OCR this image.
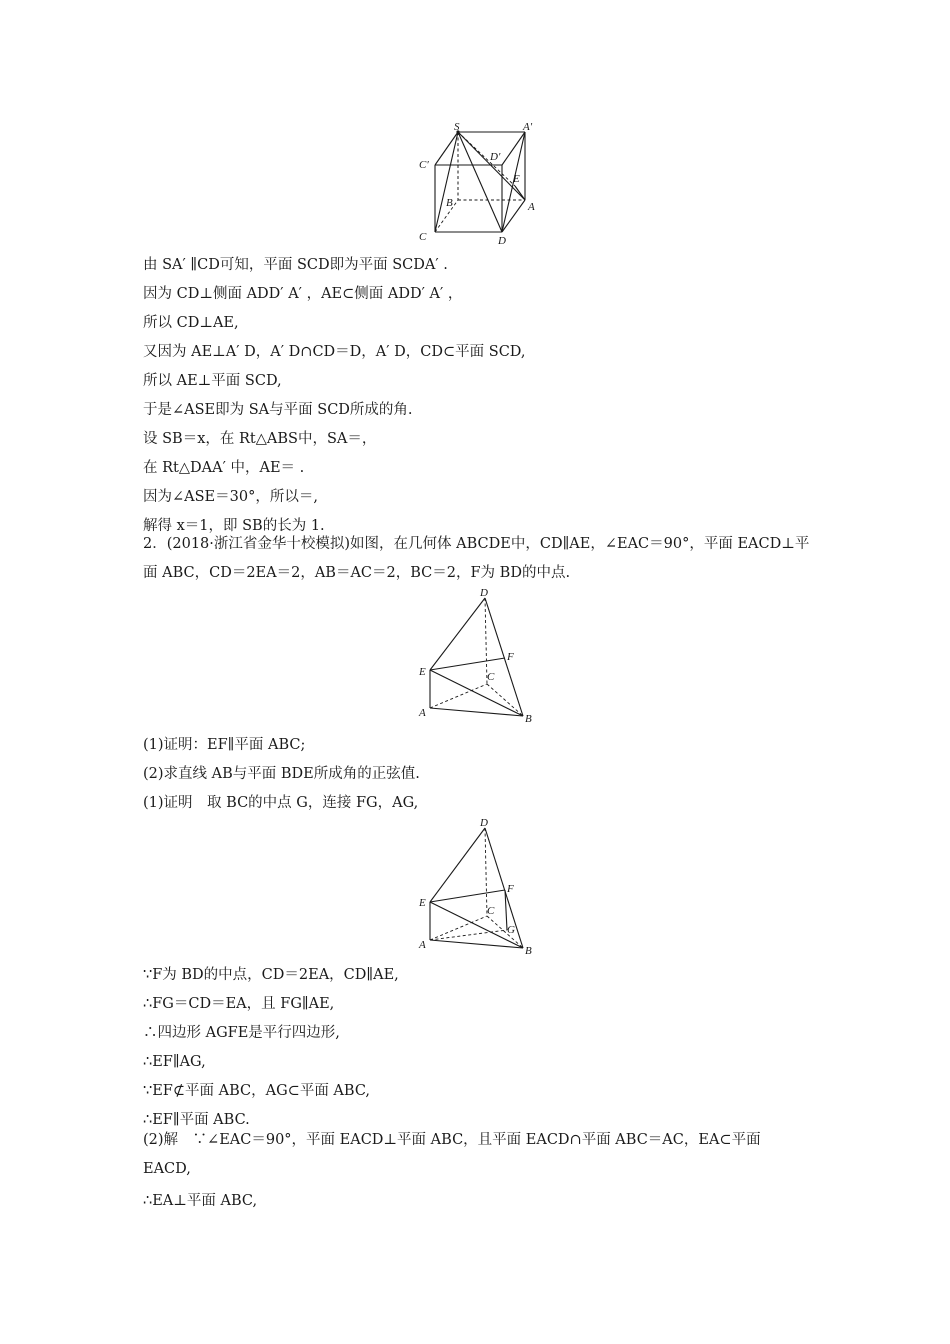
S	A′
C′
D′
E
B	A
C	D
由 SA′ ∥CD可知，平面 SCD即为平面 SCDA′ .
因为 CD⊥侧面 ADD′ A′ ，AE⊂侧面 ADD′ A′ ，
所以 CD⊥AE,
又因为 AE⊥A′ D，A′ D∩CD＝D，A′ D，CD⊂平面 SCD,
所以 AE⊥平面 SCD,
于是∠ASE即为 SA与平面 SCD所成的角.
设 SB＝x，在 Rt△ABS中，SA＝，
在 Rt△DAA′ 中，AE＝ .
因为∠ASE＝30°，所以＝,
解得 x＝1，即 SB的长为 1.
2．(2018·浙江省金华十校模拟)如图，在几何体 ABCDE中，CD∥AE，∠EAC＝90°，平面 EACD⊥平面 ABC，CD＝2EA＝2，AB＝AC＝2，BC＝2，F为 BD的中点.
D
E
F
C
A	B
(1)证明：EF∥平面 ABC;
(2)求直线 AB与平面 BDE所成角的正弦值.
(1)证明　取 BC的中点 G，连接 FG，AG,
D
E
F
C
G
A	B
∵F为 BD的中点，CD＝2EA，CD∥AE,
∴FG＝CD＝EA，且 FG∥AE,
∴四边形 AGFE是平行四边形,
∴EF∥AG,
∵EF⊄平面 ABC，AG⊂平面 ABC,
∴EF∥平面 ABC.
(2)解　∵∠EAC＝90°，平面 EACD⊥平面 ABC，且平面 EACD∩平面 ABC＝AC，EA⊂平面 EACD,
∴EA⊥平面 ABC,
